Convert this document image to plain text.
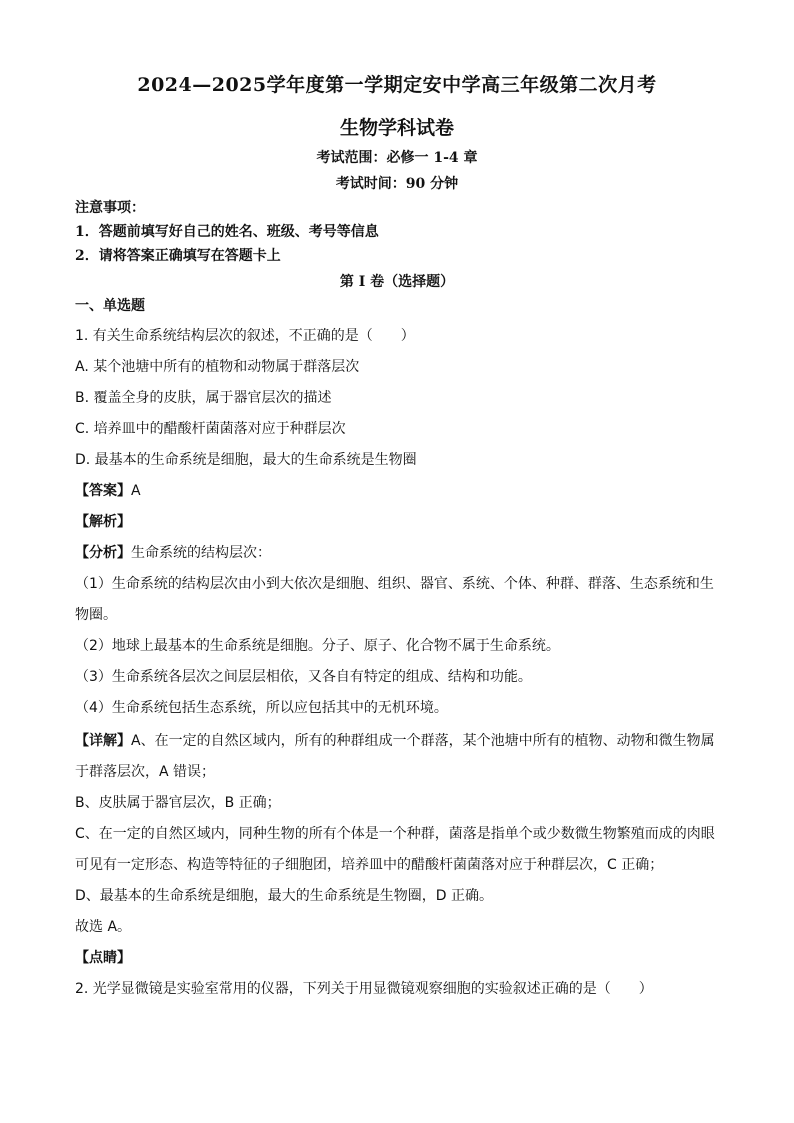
2024—2025学年度第一学期定安中学高三年级第二次月考
生物学科试卷
考试范围：必修一 1-4 章
考试时间：90 分钟
注意事项：
1．答题前填写好自己的姓名、班级、考号等信息
2．请将答案正确填写在答题卡上
第 I 卷（选择题）
一、单选题
1. 有关生命系统结构层次的叙述，不正确的是（　　）
A. 某个池塘中所有的植物和动物属于群落层次
B. 覆盖全身的皮肤，属于器官层次的描述
C. 培养皿中的醋酸杆菌菌落对应于种群层次
D. 最基本的生命系统是细胞，最大的生命系统是生物圈
【答案】A
【解析】
【分析】生命系统的结构层次：
（1）生命系统的结构层次由小到大依次是细胞、组织、器官、系统、个体、种群、群落、生态系统和生
物圈。
（2）地球上最基本的生命系统是细胞。分子、原子、化合物不属于生命系统。
（3）生命系统各层次之间层层相依，又各自有特定的组成、结构和功能。
（4）生命系统包括生态系统，所以应包括其中的无机环境。
【详解】A、在一定的自然区域内，所有的种群组成一个群落，某个池塘中所有的植物、动物和微生物属
于群落层次，A 错误；
B、皮肤属于器官层次，B 正确；
C、在一定的自然区域内，同种生物的所有个体是一个种群，菌落是指单个或少数微生物繁殖而成的肉眼
可见有一定形态、构造等特征的子细胞团，培养皿中的醋酸杆菌菌落对应于种群层次，C 正确；
D、最基本的生命系统是细胞，最大的生命系统是生物圈，D 正确。
故选 A。
【点睛】
2. 光学显微镜是实验室常用的仪器，下列关于用显微镜观察细胞的实验叙述正确的是（　　）
